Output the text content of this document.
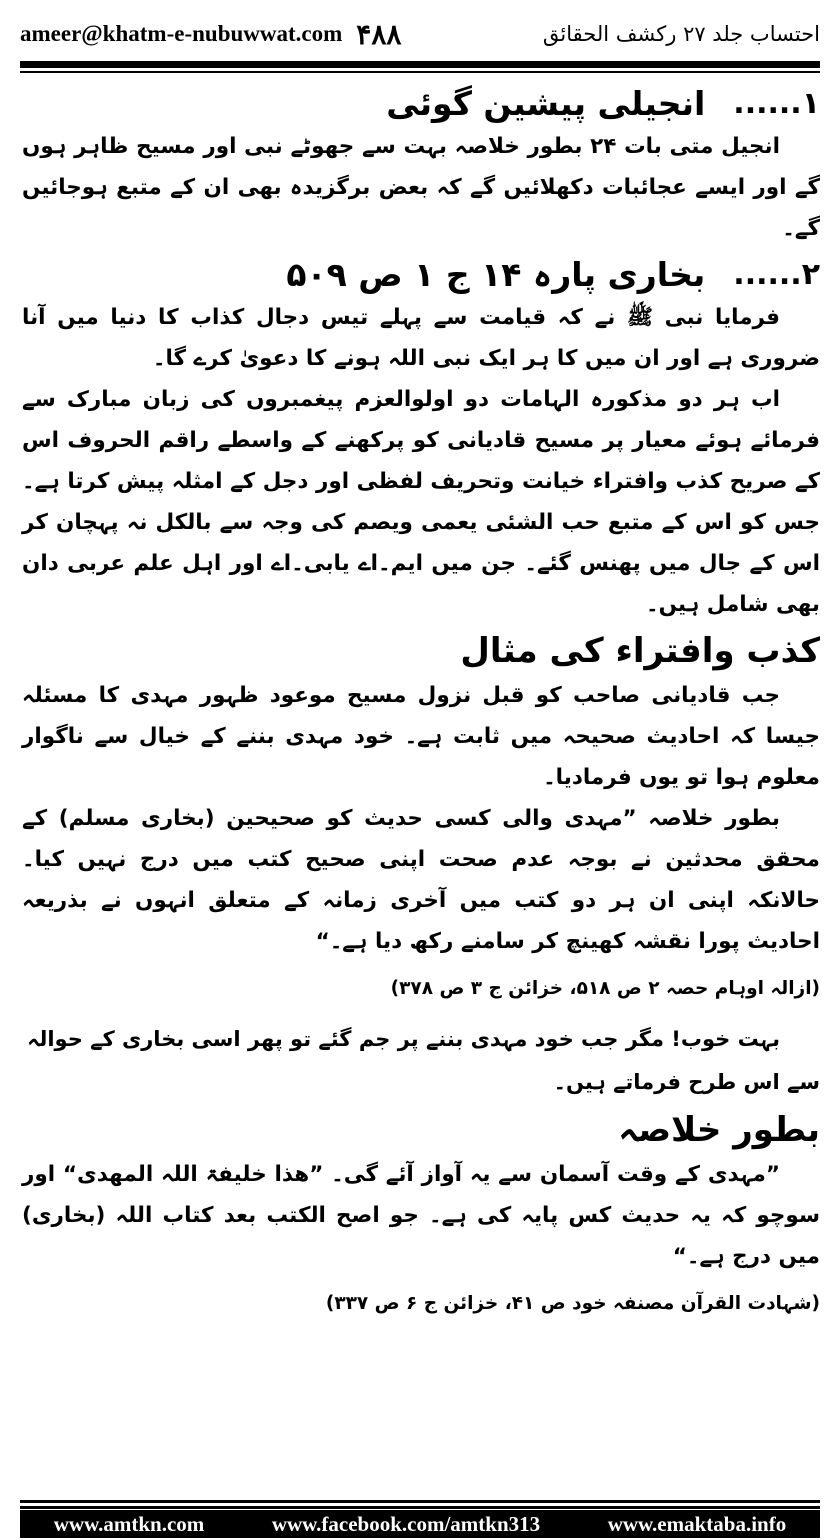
ameer@khatm-e-nubuwwat.com ۴۸۸	احتساب جلد ۲۷ رکشف الحقائق
۱......
انجیلی پیشین گوئی

انجیل متی بات ۲۴ بطور خلاصہ بہت سے جھوٹے نبی اور مسیح ظاہر ہوں گے اور ایسے عجائبات دکھلائیں گے کہ بعض برگزیدہ بھی ان کے متبع ہوجائیں گے۔

۲......
بخاری پارہ ۱۴ ج ۱ ص ۵۰۹

فرمایا نبی ﷺ نے کہ قیامت سے پہلے تیس دجال کذاب کا دنیا میں آنا ضروری ہے اور ان میں کا ہر ایک نبی اللہ ہونے کا دعویٰ کرے گا۔

اب ہر دو مذکورہ الہامات دو اولوالعزم پیغمبروں کی زبان مبارک سے فرمائے ہوئے معیار پر مسیح قادیانی کو پرکھنے کے واسطے راقم الحروف اس کے صریح کذب وافتراء خیانت وتحریف لفظی اور دجل کے امثلہ پیش کرتا ہے۔ جس کو اس کے متبع حب الشئی یعمی ویصم کی وجہ سے بالکل نہ پہچان کر اس کے جال میں پھنس گئے۔ جن میں ایم۔اے یابی۔اے اور اہل علم عربی دان بھی شامل ہیں۔

کذب وافتراء کی مثال

جب قادیانی صاحب کو قبل نزول مسیح موعود ظہور مہدی کا مسئلہ جیسا کہ احادیث صحیحہ میں ثابت ہے۔ خود مہدی بننے کے خیال سے ناگوار معلوم ہوا تو یوں فرمادیا۔

بطور خلاصہ ”مہدی والی کسی حدیث کو صحیحین (بخاری مسلم) کے محقق محدثین نے بوجہ عدم صحت اپنی صحیح کتب میں درج نہیں کیا۔ حالانکہ اپنی ان ہر دو کتب میں آخری زمانہ کے متعلق انہوں نے بذریعہ احادیث پورا نقشہ کھینچ کر سامنے رکھ دیا ہے۔“

(ازالہ اوہام حصہ ۲ ص ۵۱۸، خزائن ج ۳ ص ۳۷۸)

بہت خوب! مگر جب خود مہدی بننے پر جم گئے تو پھر اسی بخاری کے حوالہ سے اس طرح فرماتے ہیں۔

بطور خلاصہ

”مہدی کے وقت آسمان سے یہ آواز آئے گی۔ ”ھذا خلیفۃ اللہ المھدی“ اور سوچو کہ یہ حدیث کس پایہ کی ہے۔ جو اصح الکتب بعد کتاب اللہ (بخاری) میں درج ہے۔“

(شہادت القرآن مصنفہ خود ص ۴۱، خزائن ج ۶ ص ۳۳۷)

www.amtkn.com	www.facebook.com/amtkn313	www.emaktaba.info
